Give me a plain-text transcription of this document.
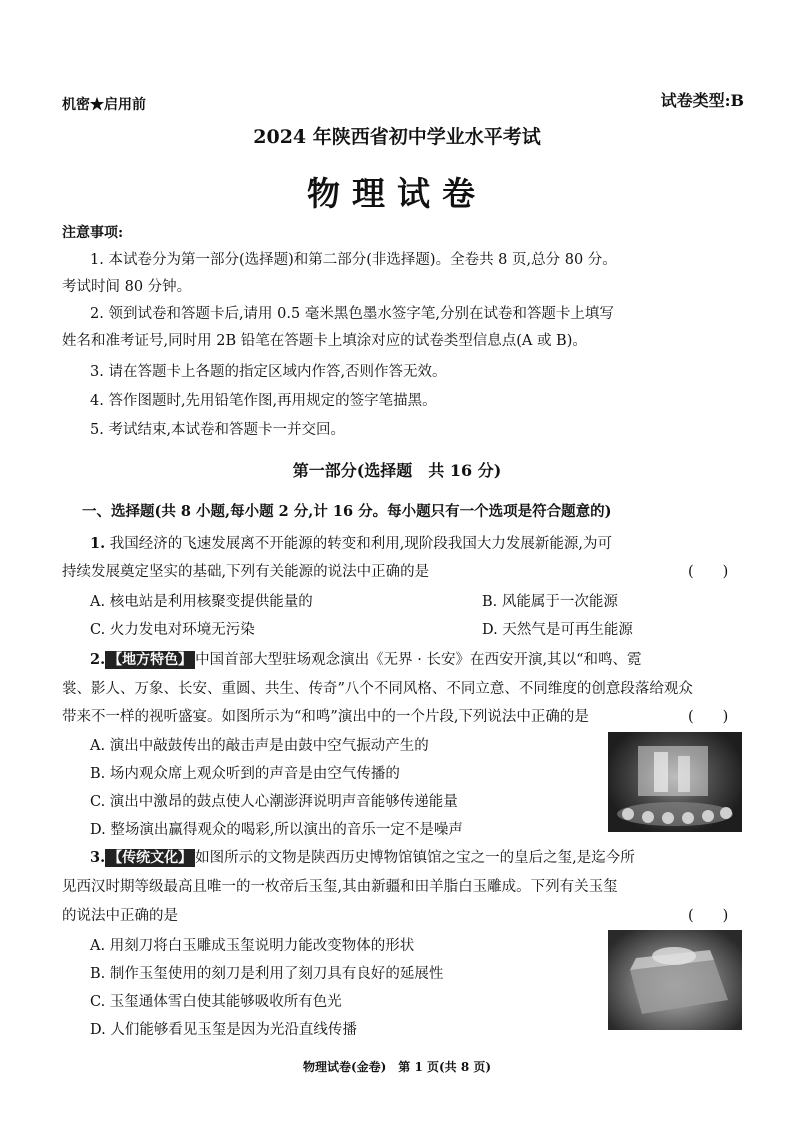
机密★启用前	试卷类型:B
2024 年陕西省初中学业水平考试
物理试卷
注意事项:
1. 本试卷分为第一部分(选择题)和第二部分(非选择题)。全卷共 8 页,总分 80 分。
考试时间 80 分钟。
2. 领到试卷和答题卡后,请用 0.5 毫米黑色墨水签字笔,分别在试卷和答题卡上填写
姓名和准考证号,同时用 2B 铅笔在答题卡上填涂对应的试卷类型信息点(A 或 B)。
3. 请在答题卡上各题的指定区域内作答,否则作答无效。
4. 答作图题时,先用铅笔作图,再用规定的签字笔描黑。
5. 考试结束,本试卷和答题卡一并交回。
第一部分(选择题　共 16 分)
一、选择题(共 8 小题,每小题 2 分,计 16 分。每小题只有一个选项是符合题意的)
1. 我国经济的飞速发展离不开能源的转变和利用,现阶段我国大力发展新能源,为可
持续发展奠定坚实的基础,下列有关能源的说法中正确的是	(　　)
A. 核电站是利用核聚变提供能量的	B. 风能属于一次能源
C. 火力发电对环境无污染	D. 天然气是可再生能源
2. 【地方特色】 中国首部大型驻场观念演出《无界 · 长安》在西安开演,其以“和鸣、霓
裳、影人、万象、长安、重圆、共生、传奇”八个不同风格、不同立意、不同维度的创意段落给观众
带来不一样的视听盛宴。如图所示为“和鸣”演出中的一个片段,下列说法中正确的是	(　　)
A. 演出中敲鼓传出的敲击声是由鼓中空气振动产生的
B. 场内观众席上观众听到的声音是由空气传播的
C. 演出中激昂的鼓点使人心潮澎湃说明声音能够传递能量
D. 整场演出赢得观众的喝彩,所以演出的音乐一定不是噪声
3. 【传统文化】 如图所示的文物是陕西历史博物馆镇馆之宝之一的皇后之玺,是迄今所
见西汉时期等级最高且唯一的一枚帝后玉玺,其由新疆和田羊脂白玉雕成。下列有关玉玺
的说法中正确的是	(　　)
A. 用刻刀将白玉雕成玉玺说明力能改变物体的形状
B. 制作玉玺使用的刻刀是利用了刻刀具有良好的延展性
C. 玉玺通体雪白使其能够吸收所有色光
D. 人们能够看见玉玺是因为光沿直线传播
物理试卷(金卷)　第 1 页(共 8 页)
